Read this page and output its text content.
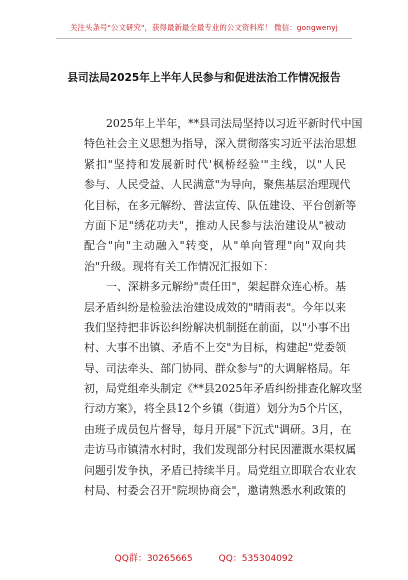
关注头条号"公文研究"，获得最新最全最专业的公文资料库！ 微信：gongwenyj
县司法局2025年上半年人民参与和促进法治工作情况报告
2025年上半年，**县司法局坚持以习近平新时代中国
特色社会主义思想为指导，深入贯彻落实习近平法治思想
紧扣"坚持和发展新时代'枫桥经验'"主线，以"人民
参与、人民受益、人民满意"为导向，聚焦基层治理现代
化目标，在多元解纷、普法宣传、队伍建设、平台创新等
方面下足"绣花功夫"，推动人民参与法治建设从"被动
配合"向"主动融入"转变，从"单向管理"向"双向共
治"升级。现将有关工作情况汇报如下：
一、深耕多元解纷"责任田"，架起群众连心桥。基
层矛盾纠纷是检验法治建设成效的"晴雨表"。今年以来
我们坚持把非诉讼纠纷解决机制挺在前面，以"小事不出
村、大事不出镇、矛盾不上交"为目标，构建起"党委领
导、司法牵头、部门协同、群众参与"的大调解格局。年
初，局党组牵头制定《**县2025年矛盾纠纷排查化解攻坚
行动方案》，将全县12个乡镇（街道）划分为5个片区，
由班子成员包片督导，每月开展"下沉式"调研。3月，在
走访马市镇清水村时，我们发现部分村民因灌溉水渠权属
问题引发争执，矛盾已持续半月。局党组立即联合农业农
村局、村委会召开"院坝协商会"，邀请熟悉水利政策的
QQ群：30265665	QQ：535304092
